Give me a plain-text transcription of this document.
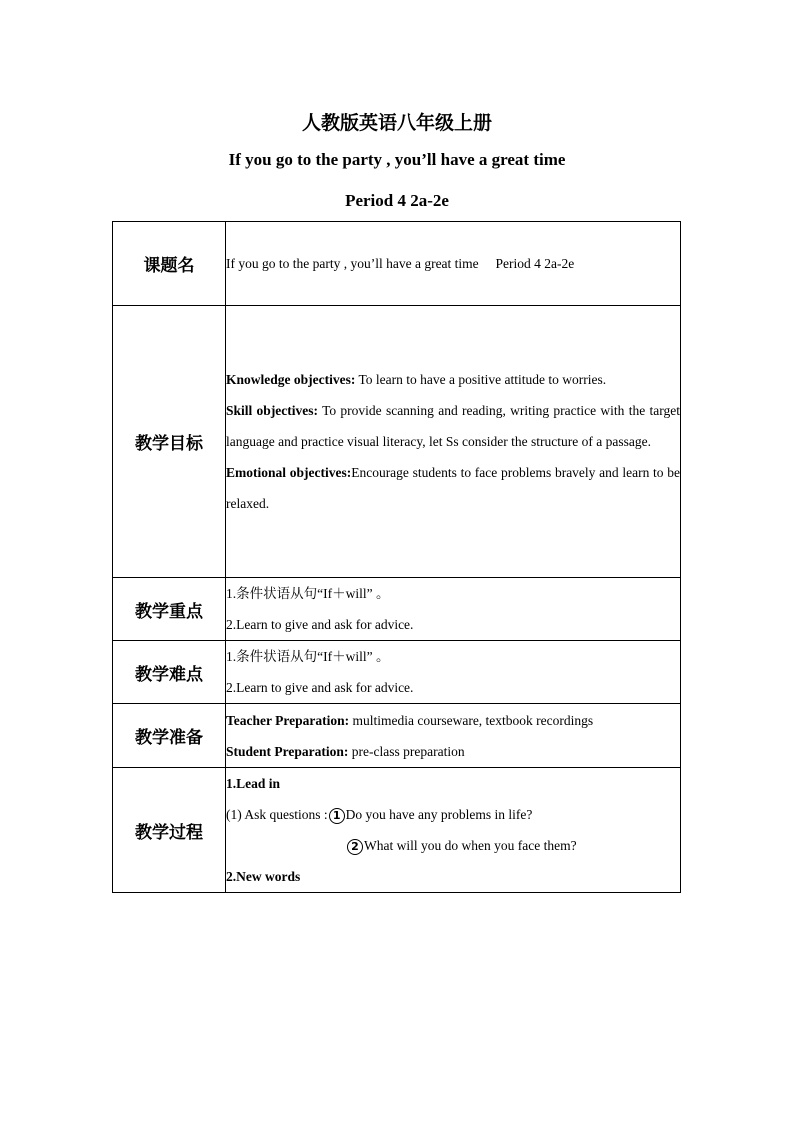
人教版英语八年级上册
If you go to the party , you’ll have a great time
Period 4 2a-2e
课题名	If you go to the party , you’ll have a great time Period 4 2a-2e

教学目标	Knowledge objectives: To learn to have a positive attitude to worries.
Skill objectives: To provide scanning and reading, writing practice with the target language and practice visual literacy, let Ss consider the structure of a passage.
Emotional objectives:Encourage students to face problems bravely and learn to be relaxed.

教学重点	1.条件状语从句“If＋will” 。
2.Learn to give and ask for advice.

教学难点	1.条件状语从句“If＋will” 。
2.Learn to give and ask for advice.

教学准备	Teacher Preparation: multimedia courseware, textbook recordings
Student Preparation: pre-class preparation

教学过程	1.Lead in
(1) Ask questions : 1 Do you have any problems in life?
2 What will you do when you face them?
2.New words
